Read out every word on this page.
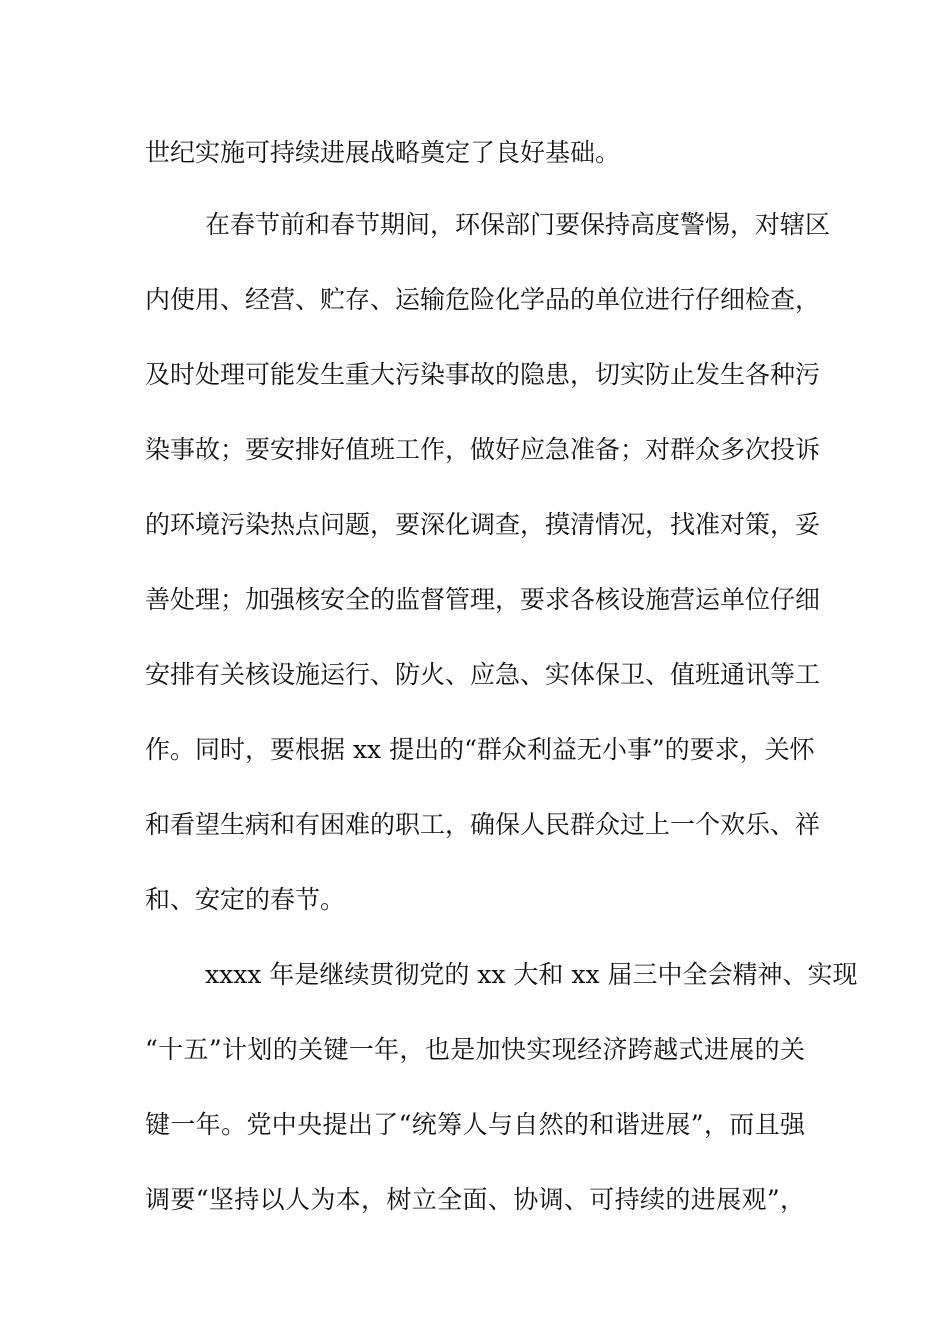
世纪实施可持续进展战略奠定了良好基础。
在春节前和春节期间，环保部门要保持高度警惕，对辖区
内使用、经营、贮存、运输危险化学品的单位进行仔细检查，
及时处理可能发生重大污染事故的隐患，切实防止发生各种污
染事故；要安排好值班工作，做好应急准备；对群众多次投诉
的环境污染热点问题，要深化调查，摸清情况，找准对策，妥
善处理；加强核安全的监督管理，要求各核设施营运单位仔细
安排有关核设施运行、防火、应急、实体保卫、值班通讯等工
作。同时，要根据 xx 提出的“群众利益无小事”的要求，关怀
和看望生病和有困难的职工，确保人民群众过上一个欢乐、祥
和、安定的春节。
xxxx 年是继续贯彻党的 xx 大和 xx 届三中全会精神、实现
“十五”计划的关键一年，也是加快实现经济跨越式进展的关
键一年。党中央提出了“统筹人与自然的和谐进展”，而且强
调要“坚持以人为本，树立全面、协调、可持续的进展观”，
